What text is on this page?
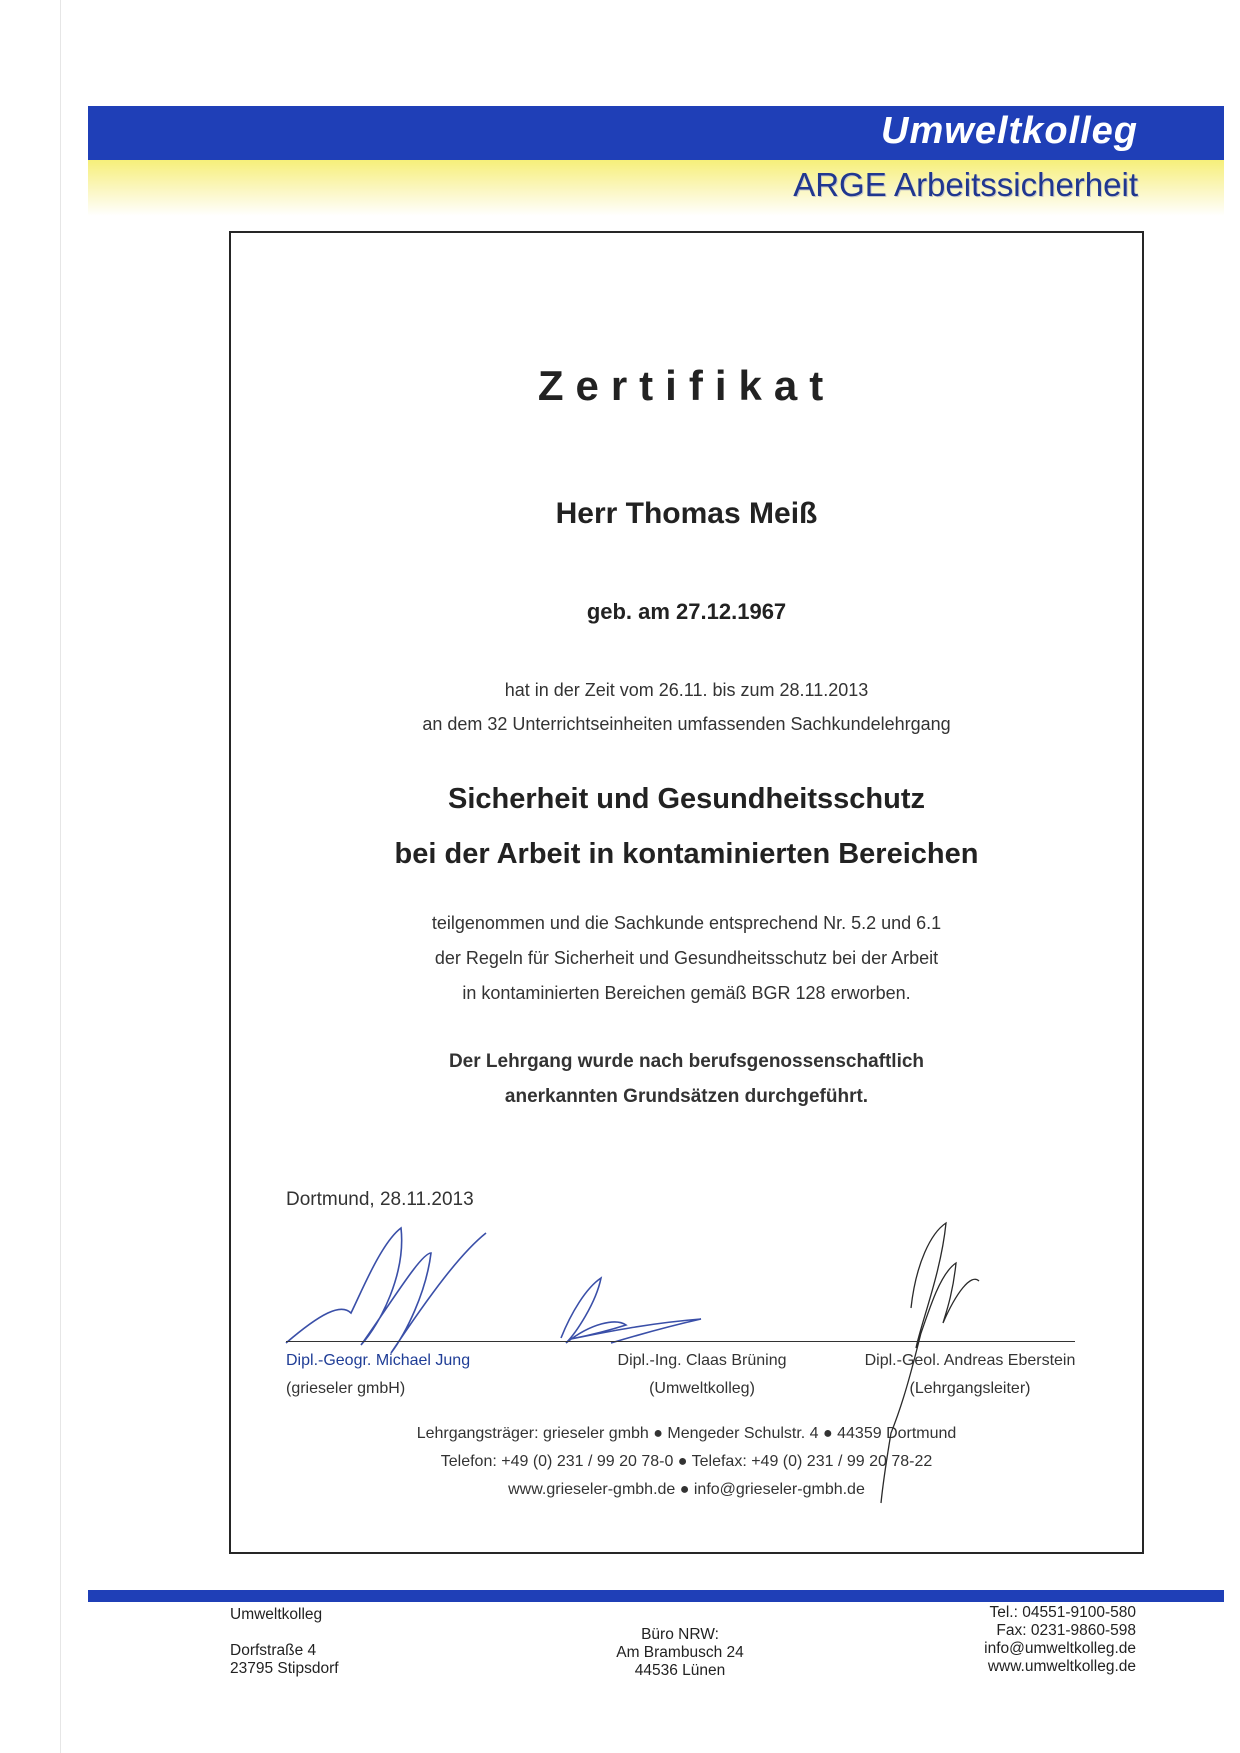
Umweltkolleg
ARGE Arbeitssicherheit
Zertifikat
Herr Thomas Meiß
geb. am 27.12.1967
hat in der Zeit vom 26.11. bis zum 28.11.2013
an dem 32 Unterrichtseinheiten umfassenden Sachkundelehrgang
Sicherheit und Gesundheitsschutz
bei der Arbeit in kontaminierten Bereichen
teilgenommen und die Sachkunde entsprechend Nr. 5.2 und 6.1
der Regeln für Sicherheit und Gesundheitsschutz bei der Arbeit
in kontaminierten Bereichen gemäß BGR 128 erworben.
Der Lehrgang wurde nach berufsgenossenschaftlich
anerkannten Grundsätzen durchgeführt.
Dortmund, 28.11.2013
Dipl.-Geogr. Michael Jung
(grieseler gmbH)
Dipl.-Ing. Claas Brüning
(Umweltkolleg)
Dipl.-Geol. Andreas Eberstein
(Lehrgangsleiter)
Lehrgangsträger: grieseler gmbh ● Mengeder Schulstr. 4 ● 44359 Dortmund
Telefon: +49 (0) 231 / 99 20 78-0 ● Telefax: +49 (0) 231 / 99 20 78-22
www.grieseler-gmbh.de ● info@grieseler-gmbh.de
Umweltkolleg
Dorfstraße 4
23795 Stipsdorf
Büro NRW:
Am Brambusch 24
44536 Lünen
Tel.: 04551-9100-580
Fax: 0231-9860-598
info@umweltkolleg.de
www.umweltkolleg.de
